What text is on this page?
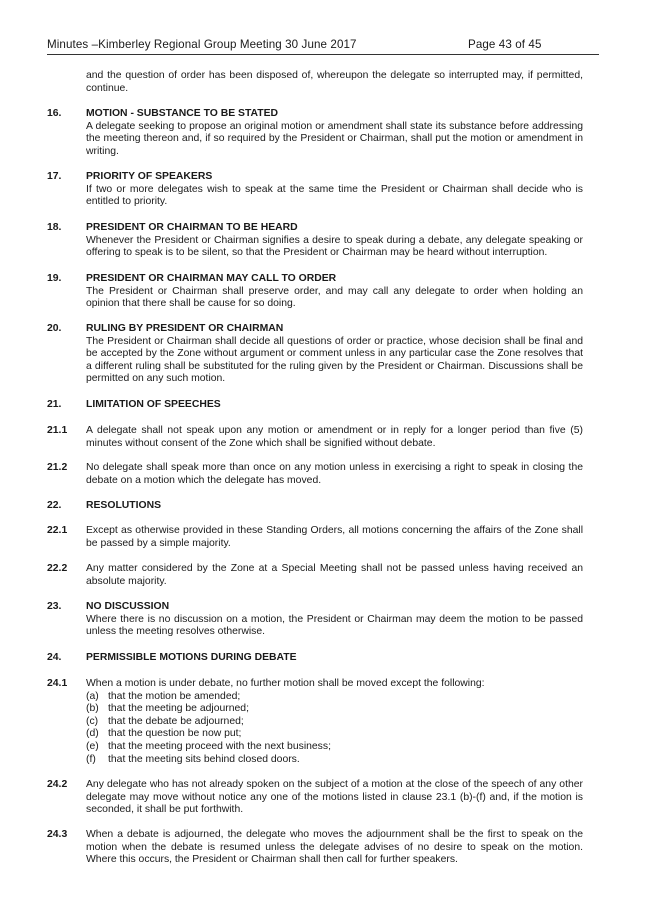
Minutes –Kimberley Regional Group Meeting 30 June 2017	Page 43 of 45
and the question of order has been disposed of, whereupon the delegate so interrupted may, if permitted, continue.
16. MOTION - SUBSTANCE TO BE STATED
A delegate seeking to propose an original motion or amendment shall state its substance before addressing the meeting thereon and, if so required by the President or Chairman, shall put the motion or amendment in writing.
17. PRIORITY OF SPEAKERS
If two or more delegates wish to speak at the same time the President or Chairman shall decide who is entitled to priority.
18. PRESIDENT OR CHAIRMAN TO BE HEARD
Whenever the President or Chairman signifies a desire to speak during a debate, any delegate speaking or offering to speak is to be silent, so that the President or Chairman may be heard without interruption.
19. PRESIDENT OR CHAIRMAN MAY CALL TO ORDER
The President or Chairman shall preserve order, and may call any delegate to order when holding an opinion that there shall be cause for so doing.
20. RULING BY PRESIDENT OR CHAIRMAN
The President or Chairman shall decide all questions of order or practice, whose decision shall be final and be accepted by the Zone without argument or comment unless in any particular case the Zone resolves that a different ruling shall be substituted for the ruling given by the President or Chairman. Discussions shall be permitted on any such motion.
21. LIMITATION OF SPEECHES
21.1 A delegate shall not speak upon any motion or amendment or in reply for a longer period than five (5) minutes without consent of the Zone which shall be signified without debate.
21.2 No delegate shall speak more than once on any motion unless in exercising a right to speak in closing the debate on a motion which the delegate has moved.
22. RESOLUTIONS
22.1 Except as otherwise provided in these Standing Orders, all motions concerning the affairs of the Zone shall be passed by a simple majority.
22.2 Any matter considered by the Zone at a Special Meeting shall not be passed unless having received an absolute majority.
23. NO DISCUSSION
Where there is no discussion on a motion, the President or Chairman may deem the motion to be passed unless the meeting resolves otherwise.
24. PERMISSIBLE MOTIONS DURING DEBATE
24.1 When a motion is under debate, no further motion shall be moved except the following:
(a) that the motion be amended;
(b) that the meeting be adjourned;
(c) that the debate be adjourned;
(d) that the question be now put;
(e) that the meeting proceed with the next business;
(f) that the meeting sits behind closed doors.
24.2 Any delegate who has not already spoken on the subject of a motion at the close of the speech of any other delegate may move without notice any one of the motions listed in clause 23.1 (b)-(f) and, if the motion is seconded, it shall be put forthwith.
24.3 When a debate is adjourned, the delegate who moves the adjournment shall be the first to speak on the motion when the debate is resumed unless the delegate advises of no desire to speak on the motion. Where this occurs, the President or Chairman shall then call for further speakers.
